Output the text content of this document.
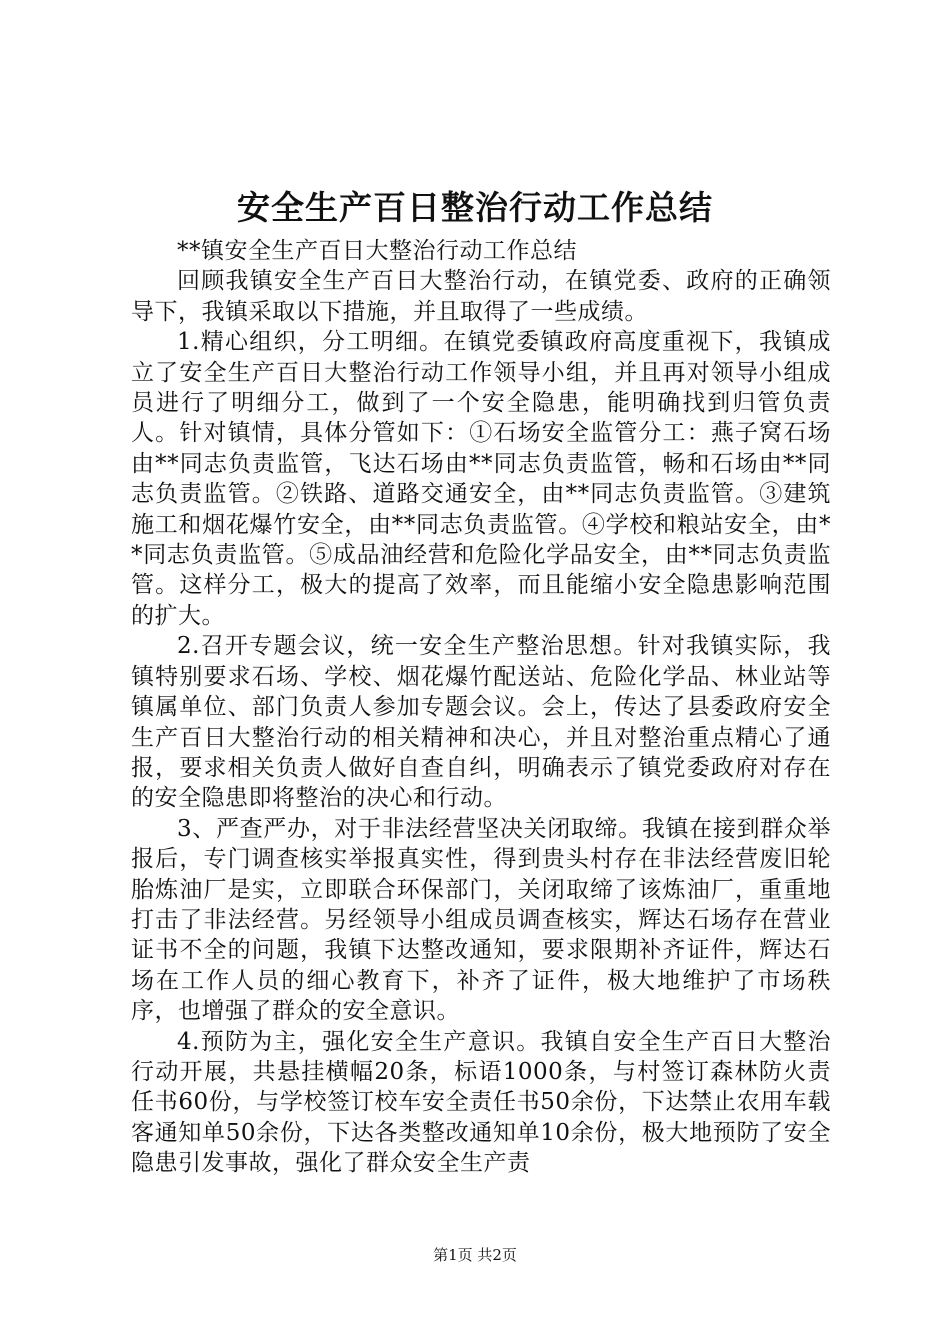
安全生产百日整治行动工作总结

**镇安全生产百日大整治行动工作总结

回顾我镇安全生产百日大整治行动，在镇党委、政府的正确领导下，我镇采取以下措施，并且取得了一些成绩。

1.精心组织，分工明细。在镇党委镇政府高度重视下，我镇成立了安全生产百日大整治行动工作领导小组，并且再对领导小组成员进行了明细分工，做到了一个安全隐患，能明确找到归管负责人。针对镇情，具体分管如下：①石场安全监管分工：燕子窝石场由**同志负责监管，飞达石场由**同志负责监管，畅和石场由**同志负责监管。②铁路、道路交通安全，由**同志负责监管。③建筑施工和烟花爆竹安全，由**同志负责监管。④学校和粮站安全，由**同志负责监管。⑤成品油经营和危险化学品安全，由**同志负责监管。这样分工，极大的提高了效率，而且能缩小安全隐患影响范围的扩大。

2.召开专题会议，统一安全生产整治思想。针对我镇实际，我镇特别要求石场、学校、烟花爆竹配送站、危险化学品、林业站等镇属单位、部门负责人参加专题会议。会上，传达了县委政府安全生产百日大整治行动的相关精神和决心，并且对整治重点精心了通报，要求相关负责人做好自查自纠，明确表示了镇党委政府对存在的安全隐患即将整治的决心和行动。

3、严查严办，对于非法经营坚决关闭取缔。我镇在接到群众举报后，专门调查核实举报真实性，得到贵头村存在非法经营废旧轮胎炼油厂是实，立即联合环保部门，关闭取缔了该炼油厂，重重地打击了非法经营。另经领导小组成员调查核实，辉达石场存在营业证书不全的问题，我镇下达整改通知，要求限期补齐证件，辉达石场在工作人员的细心教育下，补齐了证件，极大地维护了市场秩序，也增强了群众的安全意识。

4.预防为主，强化安全生产意识。我镇自安全生产百日大整治行动开展，共悬挂横幅20条，标语1000条，与村签订森林防火责任书60份，与学校签订校车安全责任书50余份，下达禁止农用车载客通知单50余份，下达各类整改通知单10余份，极大地预防了安全隐患引发事故，强化了群众安全生产责

第1页 共2页
